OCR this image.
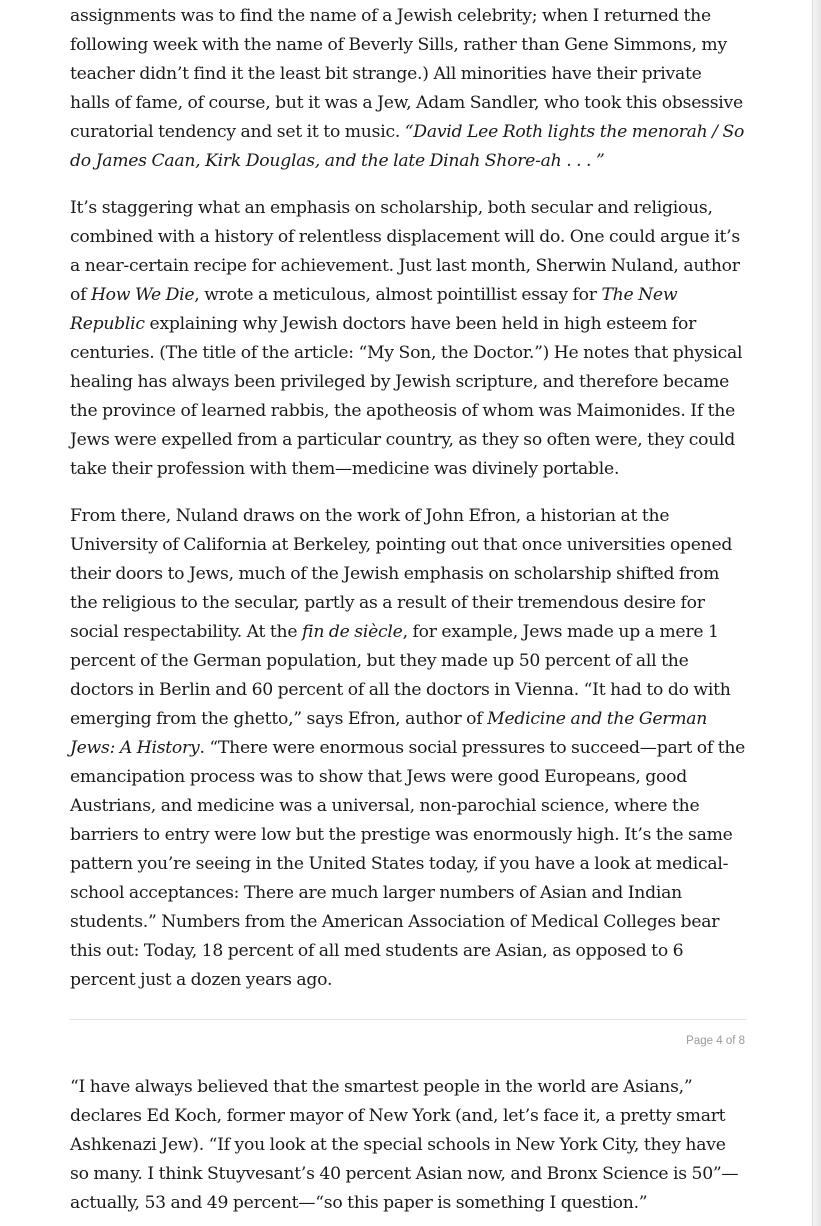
assignments was to find the name of a Jewish celebrity; when I returned the following week with the name of Beverly Sills, rather than Gene Simmons, my teacher didn’t find it the least bit strange.) All minorities have their private halls of fame, of course, but it was a Jew, Adam Sandler, who took this obsessive curatorial tendency and set it to music. “David Lee Roth lights the menorah / So do James Caan, Kirk Douglas, and the late Dinah Shore-ah . . . ”

It’s staggering what an emphasis on scholarship, both secular and religious, combined with a history of relentless displacement will do. One could argue it’s a near-certain recipe for achievement. Just last month, Sherwin Nuland, author of How We Die, wrote a meticulous, almost pointillist essay for The New Republic explaining why Jewish doctors have been held in high esteem for centuries. (The title of the article: “My Son, the Doctor.”) He notes that physical healing has always been privileged by Jewish scripture, and therefore became the province of learned rabbis, the apotheosis of whom was Maimonides. If the Jews were expelled from a particular country, as they so often were, they could take their profession with them—medicine was divinely portable.

From there, Nuland draws on the work of John Efron, a historian at the University of California at Berkeley, pointing out that once universities opened their doors to Jews, much of the Jewish emphasis on scholarship shifted from the religious to the secular, partly as a result of their tremendous desire for social respectability. At the fin de siècle, for example, Jews made up a mere 1 percent of the German population, but they made up 50 percent of all the doctors in Berlin and 60 percent of all the doctors in Vienna. “It had to do with emerging from the ghetto,” says Efron, author of Medicine and the German Jews: A History. “There were enormous social pressures to succeed—part of the emancipation process was to show that Jews were good Europeans, good Austrians, and medicine was a universal, non-parochial science, where the barriers to entry were low but the prestige was enormously high. It’s the same pattern you’re seeing in the United States today, if you have a look at medical-school acceptances: There are much larger numbers of Asian and Indian students.” Numbers from the American Association of Medical Colleges bear this out: Today, 18 percent of all med students are Asian, as opposed to 6 percent just a dozen years ago.

Page 4 of 8

“I have always believed that the smartest people in the world are Asians,” declares Ed Koch, former mayor of New York (and, let’s face it, a pretty smart Ashkenazi Jew). “If you look at the special schools in New York City, they have so many. I think Stuyvesant’s 40 percent Asian now, and Bronx Science is 50”—actually, 53 and 49 percent—“so this paper is something I question.”
